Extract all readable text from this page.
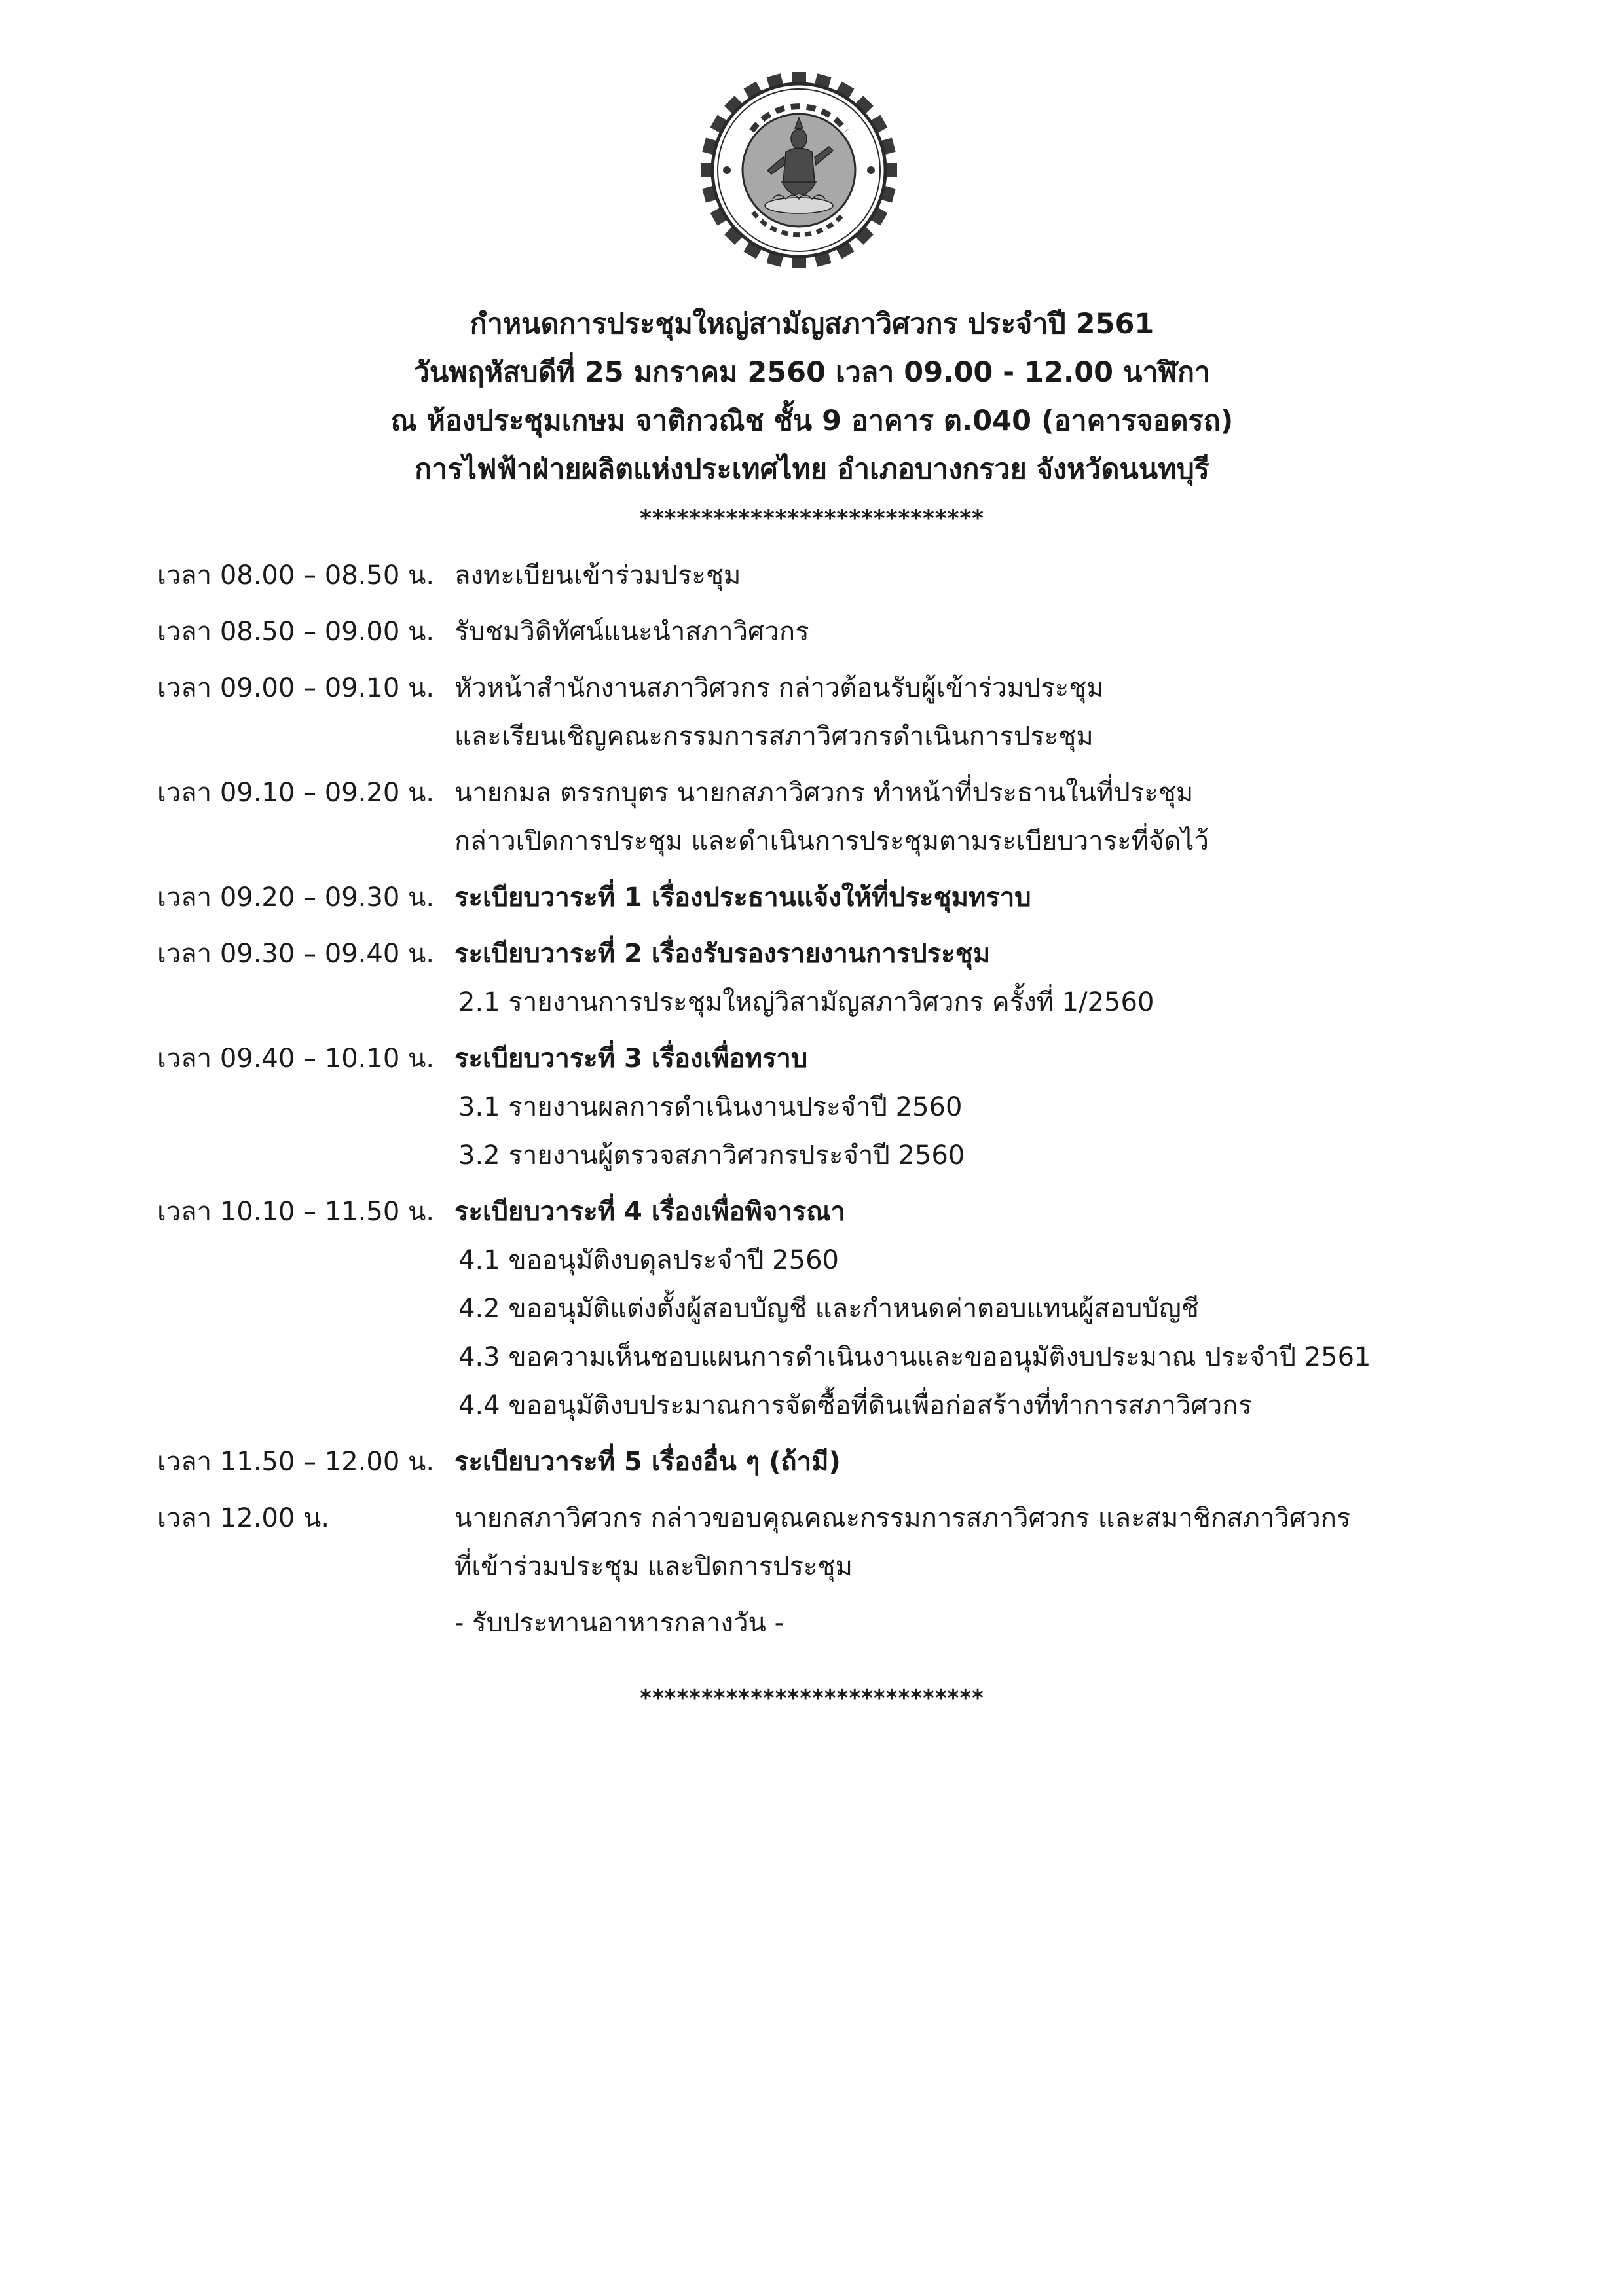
กำหนดการประชุมใหญ่สามัญสภาวิศวกร ประจำปี 2561
วันพฤหัสบดีที่ 25 มกราคม 2560 เวลา 09.00 - 12.00 นาฬิกา
ณ ห้องประชุมเกษม จาติกวณิช ชั้น 9 อาคาร ต.040 (อาคารจอดรถ)
การไฟฟ้าฝ่ายผลิตแห่งประเทศไทย อำเภอบางกรวย จังหวัดนนทบุรี
****************************
เวลา 08.00 – 08.50 น. ลงทะเบียนเข้าร่วมประชุม
เวลา 08.50 – 09.00 น. รับชมวิดิทัศน์แนะนำสภาวิศวกร
เวลา 09.00 – 09.10 น. หัวหน้าสำนักงานสภาวิศวกร กล่าวต้อนรับผู้เข้าร่วมประชุม
และเรียนเชิญคณะกรรมการสภาวิศวกรดำเนินการประชุม
เวลา 09.10 – 09.20 น. นายกมล ตรรกบุตร นายกสภาวิศวกร ทำหน้าที่ประธานในที่ประชุม
กล่าวเปิดการประชุม และดำเนินการประชุมตามระเบียบวาระที่จัดไว้
เวลา 09.20 – 09.30 น. ระเบียบวาระที่ 1 เรื่องประธานแจ้งให้ที่ประชุมทราบ
เวลา 09.30 – 09.40 น. ระเบียบวาระที่ 2 เรื่องรับรองรายงานการประชุม
2.1 รายงานการประชุมใหญ่วิสามัญสภาวิศวกร ครั้งที่ 1/2560
เวลา 09.40 – 10.10 น. ระเบียบวาระที่ 3 เรื่องเพื่อทราบ
3.1 รายงานผลการดำเนินงานประจำปี 2560
3.2 รายงานผู้ตรวจสภาวิศวกรประจำปี 2560
เวลา 10.10 – 11.50 น. ระเบียบวาระที่ 4 เรื่องเพื่อพิจารณา
4.1 ขออนุมัติงบดุลประจำปี 2560
4.2 ขออนุมัติแต่งตั้งผู้สอบบัญชี และกำหนดค่าตอบแทนผู้สอบบัญชี
4.3 ขอความเห็นชอบแผนการดำเนินงานและขออนุมัติงบประมาณ ประจำปี 2561
4.4 ขออนุมัติงบประมาณการจัดซื้อที่ดินเพื่อก่อสร้างที่ทำการสภาวิศวกร
เวลา 11.50 – 12.00 น. ระเบียบวาระที่ 5 เรื่องอื่น ๆ (ถ้ามี)
เวลา 12.00 น.	นายกสภาวิศวกร กล่าวขอบคุณคณะกรรมการสภาวิศวกร และสมาชิกสภาวิศวกร
ที่เข้าร่วมประชุม และปิดการประชุม
- รับประทานอาหารกลางวัน -
****************************
